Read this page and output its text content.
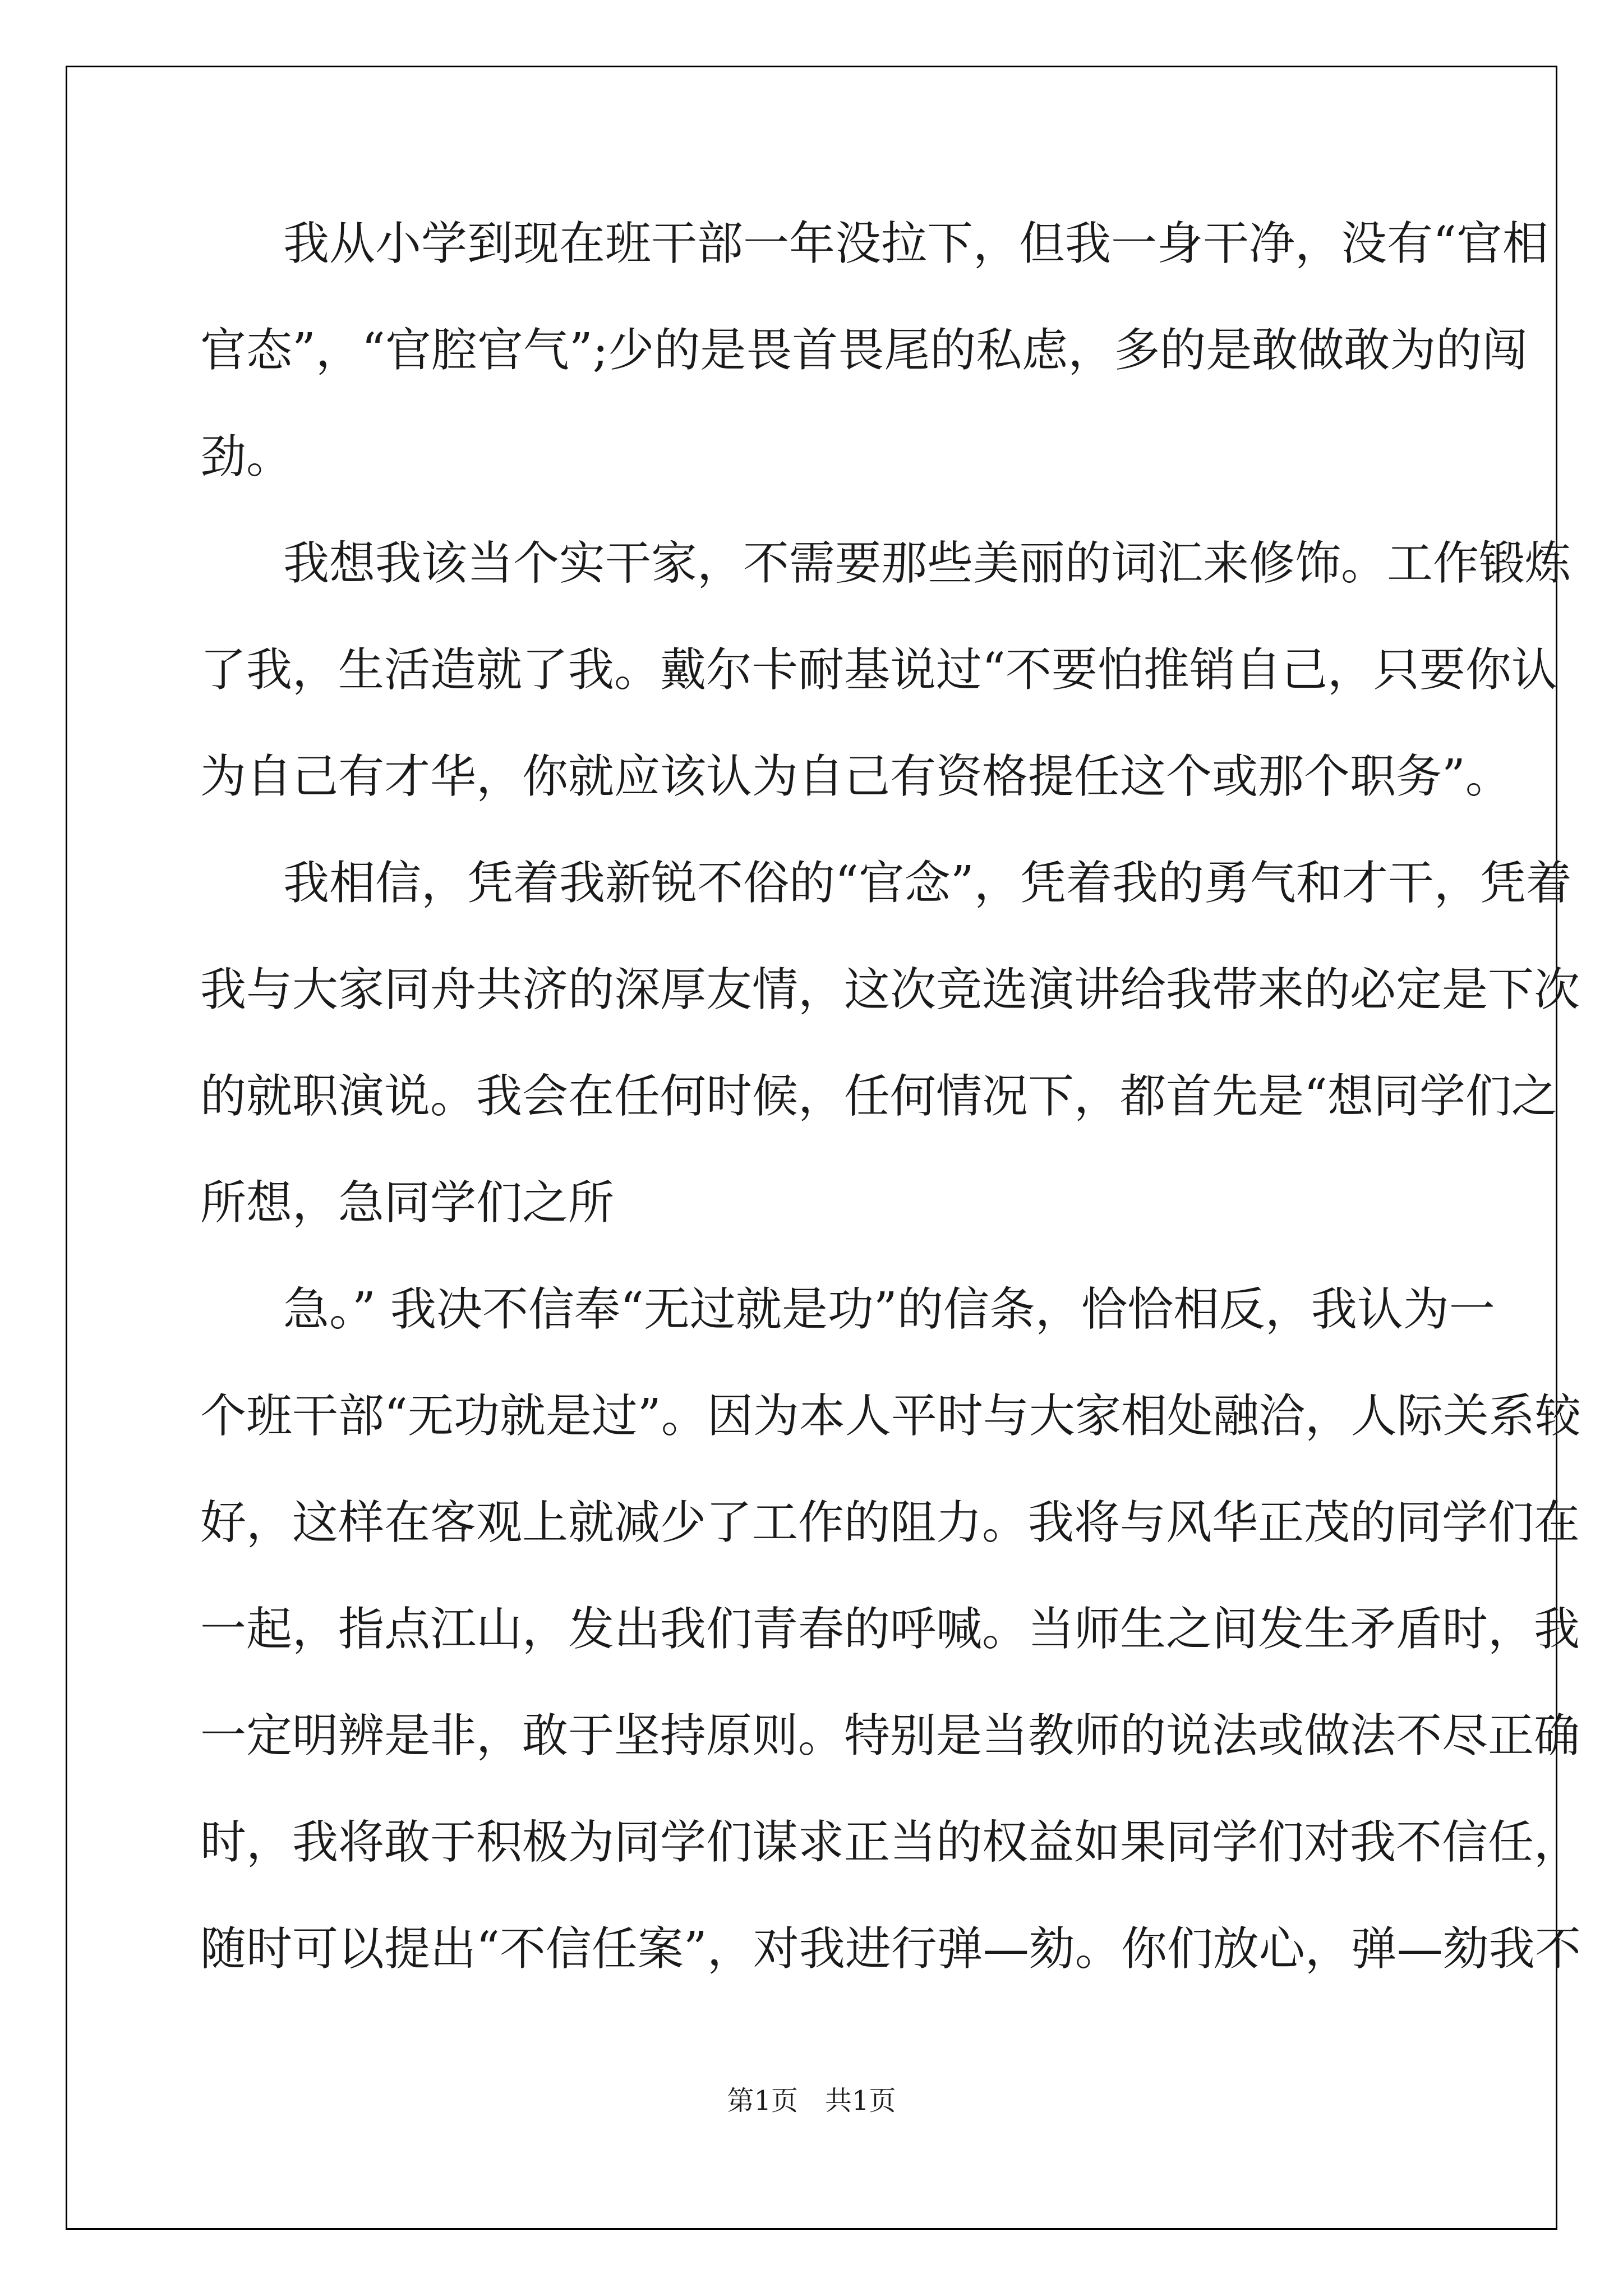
我从小学到现在班干部一年没拉下，但我一身干净，没有“官相
官态”，“官腔官气”;少的是畏首畏尾的私虑，多的是敢做敢为的闯
劲。
我想我该当个实干家，不需要那些美丽的词汇来修饰。工作锻炼
了我，生活造就了我。戴尔卡耐基说过“不要怕推销自己，只要你认
为自己有才华，你就应该认为自己有资格提任这个或那个职务”。
我相信，凭着我新锐不俗的“官念”，凭着我的勇气和才干，凭着
我与大家同舟共济的深厚友情，这次竞选演讲给我带来的必定是下次
的就职演说。我会在任何时候，任何情况下，都首先是“想同学们之
所想，急同学们之所
急。” 我决不信奉“无过就是功”的信条，恰恰相反，我认为一
个班干部“无功就是过”。因为本人平时与大家相处融洽，人际关系较
好，这样在客观上就减少了工作的阻力。我将与风华正茂的同学们在
一起，指点江山，发出我们青春的呼喊。当师生之间发生矛盾时，我
一定明辨是非，敢于坚持原则。特别是当教师的说法或做法不尽正确
时，我将敢于积极为同学们谋求正当的权益如果同学们对我不信任，
随时可以提出“不信任案”，对我进行弹—劾。你们放心，弹—劾我不
第1页　共1页
